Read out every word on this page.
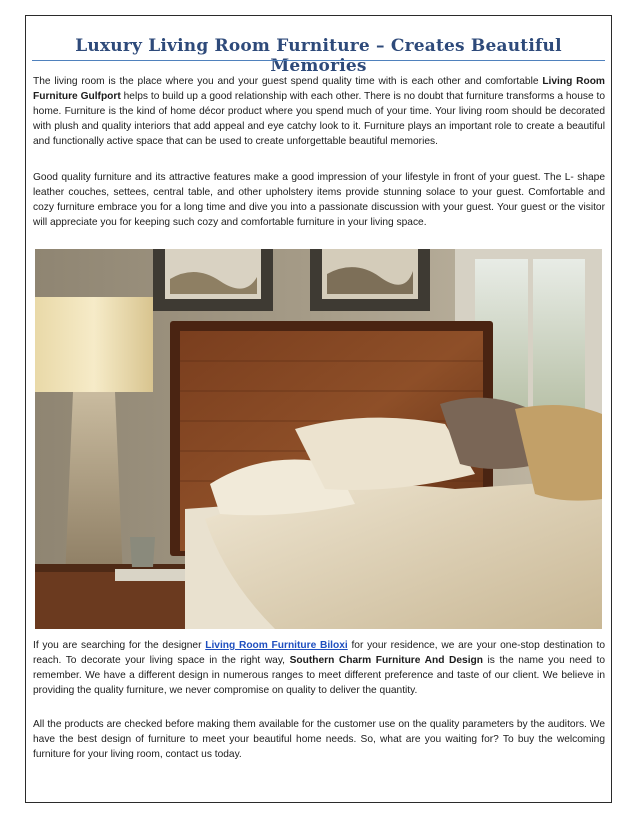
Luxury Living Room Furniture – Creates Beautiful Memories

The living room is the place where you and your guest spend quality time with is each other and comfortable Living Room Furniture Gulfport helps to build up a good relationship with each other. There is no doubt that furniture transforms a house to home. Furniture is the kind of home décor product where you spend much of your time. Your living room should be decorated with plush and quality interiors that add appeal and eye catchy look to it. Furniture plays an important role to create a beautiful and functionally active space that can be used to create unforgettable beautiful memories.

Good quality furniture and its attractive features make a good impression of your lifestyle in front of your guest. The L- shape leather couches, settees, central table, and other upholstery items provide stunning solace to your guest. Comfortable and cozy furniture embrace you for a long time and dive you into a passionate discussion with your guest. Your guest or the visitor will appreciate you for keeping such cozy and comfortable furniture in your living space.

If you are searching for the designer Living Room Furniture Biloxi for your residence, we are your one-stop destination to reach. To decorate your living space in the right way, Southern Charm Furniture And Design is the name you need to remember. We have a different design in numerous ranges to meet different preference and taste of our client. We believe in providing the quality furniture, we never compromise on quality to deliver the quantity.

All the products are checked before making them available for the customer use on the quality parameters by the auditors. We have the best design of furniture to meet your beautiful home needs. So, what are you waiting for? To buy the welcoming furniture for your living room, contact us today.
